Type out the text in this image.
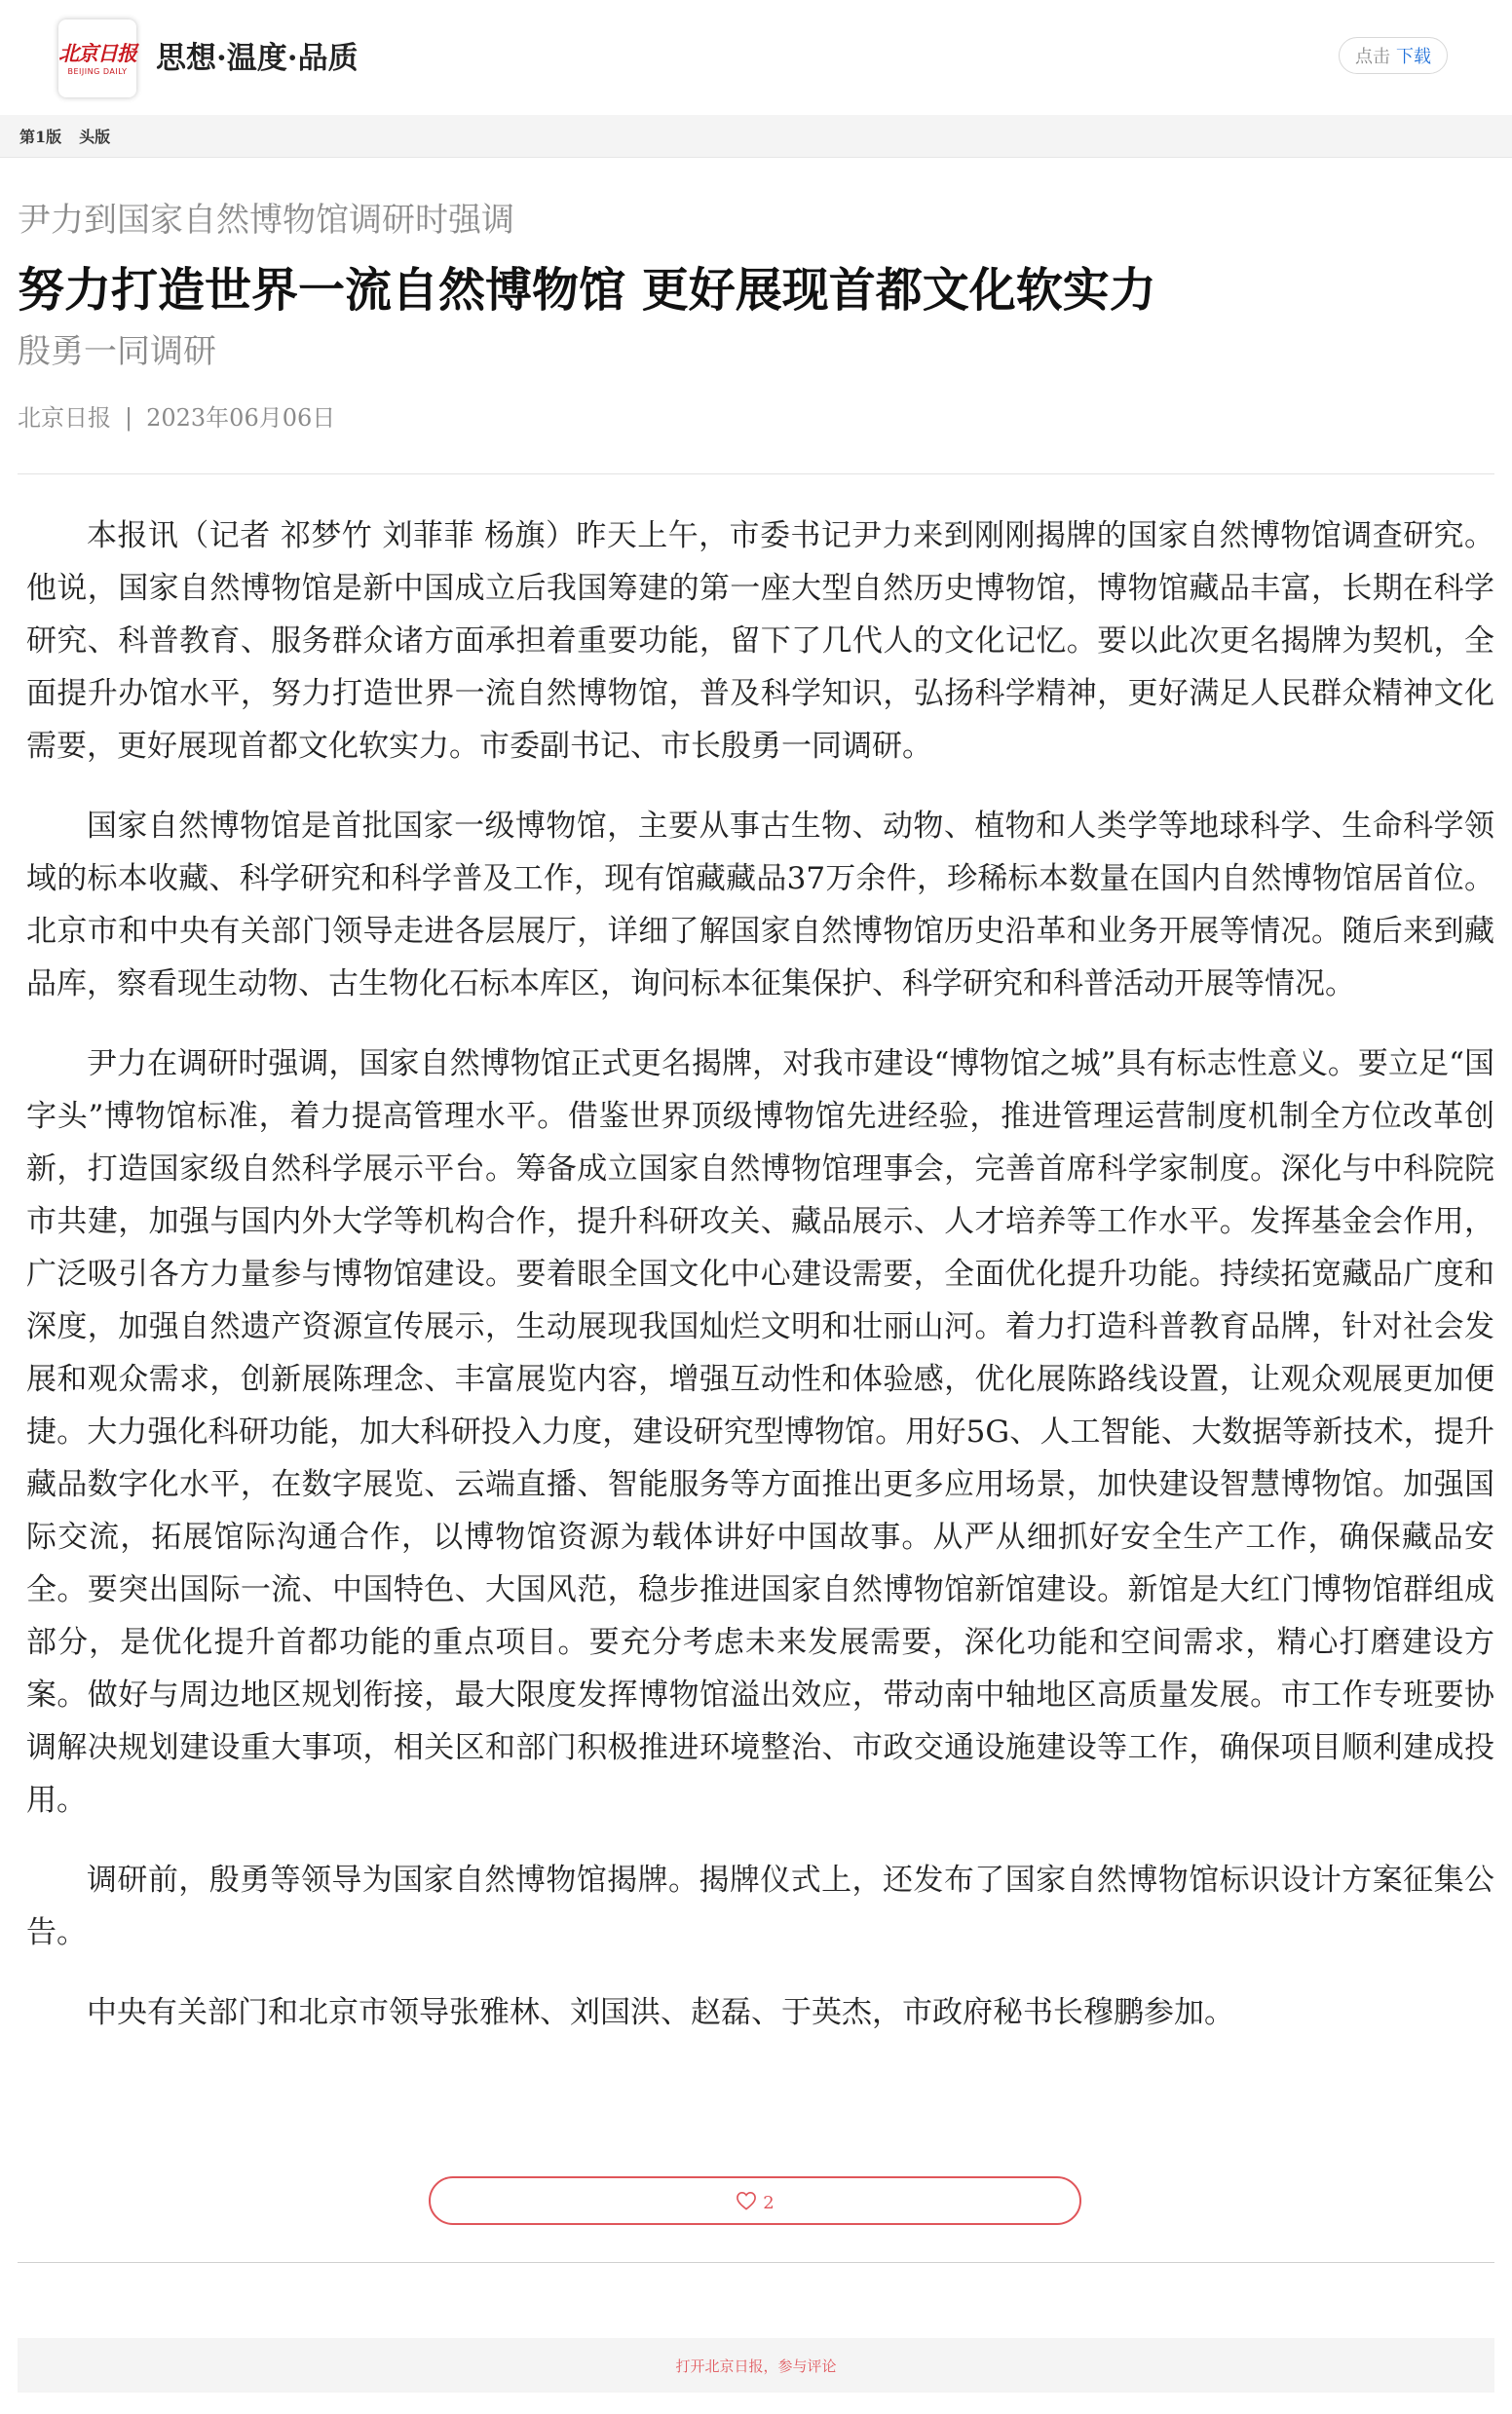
北京日报
BEIJING DAILY 思想·温度·品质	点击 下载
第1版 头版
尹力到国家自然博物馆调研时强调
努力打造世界一流自然博物馆 更好展现首都文化软实力
殷勇一同调研
北京日报 | 2023年06月06日

本报讯（记者 祁梦竹 刘菲菲 杨旗）昨天上午，市委书记尹力来到刚刚揭牌的国家自然博物馆调查研究。他说，国家自然博物馆是新中国成立后我国筹建的第一座大型自然历史博物馆，博物馆藏品丰富，长期在科学研究、科普教育、服务群众诸方面承担着重要功能，留下了几代人的文化记忆。要以此次更名揭牌为契机，全面提升办馆水平，努力打造世界一流自然博物馆，普及科学知识，弘扬科学精神，更好满足人民群众精神文化需要，更好展现首都文化软实力。市委副书记、市长殷勇一同调研。

国家自然博物馆是首批国家一级博物馆，主要从事古生物、动物、植物和人类学等地球科学、生命科学领域的标本收藏、科学研究和科学普及工作，现有馆藏藏品37万余件，珍稀标本数量在国内自然博物馆居首位。北京市和中央有关部门领导走进各层展厅，详细了解国家自然博物馆历史沿革和业务开展等情况。随后来到藏品库，察看现生动物、古生物化石标本库区，询问标本征集保护、科学研究和科普活动开展等情况。

尹力在调研时强调，国家自然博物馆正式更名揭牌，对我市建设“博物馆之城”具有标志性意义。要立足“国字头”博物馆标准，着力提高管理水平。借鉴世界顶级博物馆先进经验，推进管理运营制度机制全方位改革创新，打造国家级自然科学展示平台。筹备成立国家自然博物馆理事会，完善首席科学家制度。深化与中科院院市共建，加强与国内外大学等机构合作，提升科研攻关、藏品展示、人才培养等工作水平。发挥基金会作用，广泛吸引各方力量参与博物馆建设。要着眼全国文化中心建设需要，全面优化提升功能。持续拓宽藏品广度和深度，加强自然遗产资源宣传展示，生动展现我国灿烂文明和壮丽山河。着力打造科普教育品牌，针对社会发展和观众需求，创新展陈理念、丰富展览内容，增强互动性和体验感，优化展陈路线设置，让观众观展更加便捷。大力强化科研功能，加大科研投入力度，建设研究型博物馆。用好5G、人工智能、大数据等新技术，提升藏品数字化水平，在数字展览、云端直播、智能服务等方面推出更多应用场景，加快建设智慧博物馆。加强国际交流，拓展馆际沟通合作，以博物馆资源为载体讲好中国故事。从严从细抓好安全生产工作，确保藏品安全。要突出国际一流、中国特色、大国风范，稳步推进国家自然博物馆新馆建设。新馆是大红门博物馆群组成部分，是优化提升首都功能的重点项目。要充分考虑未来发展需要，深化功能和空间需求，精心打磨建设方案。做好与周边地区规划衔接，最大限度发挥博物馆溢出效应，带动南中轴地区高质量发展。市工作专班要协调解决规划建设重大事项，相关区和部门积极推进环境整治、市政交通设施建设等工作，确保项目顺利建成投用。

调研前，殷勇等领导为国家自然博物馆揭牌。揭牌仪式上，还发布了国家自然博物馆标识设计方案征集公告。

中央有关部门和北京市领导张雅林、刘国洪、赵磊、于英杰，市政府秘书长穆鹏参加。

2
打开北京日报，参与评论
